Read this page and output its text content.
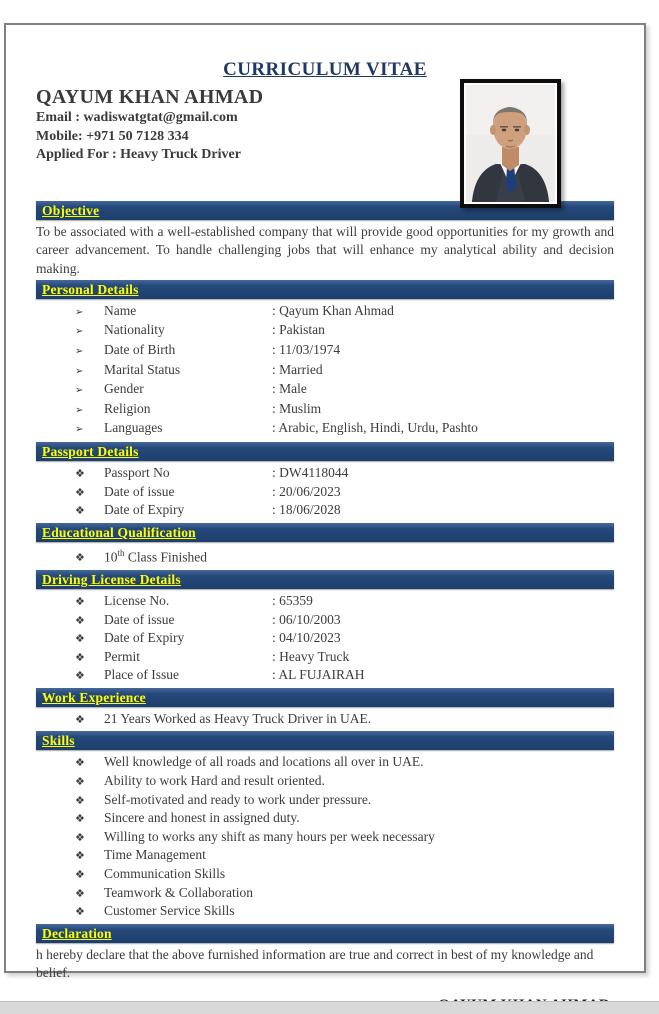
CURRICULUM VITAE
QAYUM KHAN AHMAD
Email : wadiswatgtat@gmail.com
Mobile: +971 50 7128 334
Applied For : Heavy Truck Driver
Objective

To be associated with a well-established company that will provide good opportunities for my growth and career advancement. To handle challenging jobs that will enhance my analytical ability and decision making.

Personal Details
➢	Name	: Qayum Khan Ahmad
➢	Nationality	: Pakistan
➢	Date of Birth	: 11/03/1974
➢	Marital Status	: Married
➢	Gender	: Male
➢	Religion	: Muslim
➢	Languages	: Arabic, English, Hindi, Urdu, Pashto
Passport Details
❖	Passport No	: DW4118044
❖	Date of issue	: 20/06/2023
❖	Date of Expiry	: 18/06/2028
Educational Qualification
❖	10th Class Finished
Driving License Details
❖	License No.	: 65359
❖	Date of issue	: 06/10/2003
❖	Date of Expiry	: 04/10/2023
❖	Permit	: Heavy Truck
❖	Place of Issue	: AL FUJAIRAH
Work Experience
❖	21 Years Worked as Heavy Truck Driver in UAE.
Skills
❖	Well knowledge of all roads and locations all over in UAE.
❖	Ability to work Hard and result oriented.
❖	Self-motivated and ready to work under pressure.
❖	Sincere and honest in assigned duty.
❖	Willing to works any shift as many hours per week necessary
❖	Time Management
❖	Communication Skills
❖	Teamwork & Collaboration
❖	Customer Service Skills
Declaration

h hereby declare that the above furnished information are true and correct in best of my knowledge and belief.
